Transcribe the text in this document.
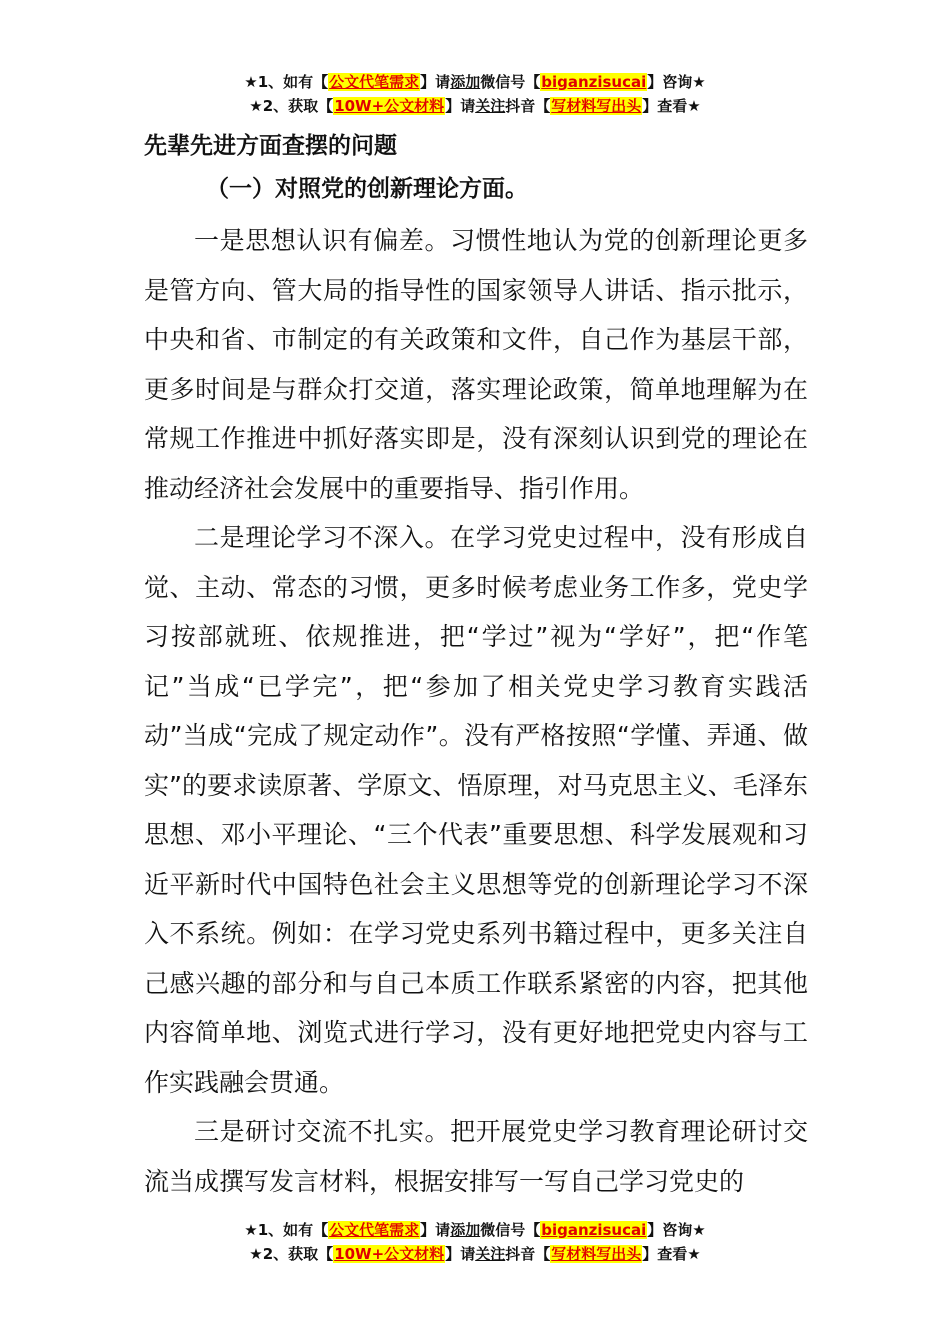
★1、如有【公文代笔需求】请添加微信号【biganzisucai】咨询★
★2、获取【10W+公文材料】请关注抖音【写材料写出头】查看★

先辈先进方面查摆的问题

（一）对照党的创新理论方面。

一是思想认识有偏差。习惯性地认为党的创新理论更多是管方向、管大局的指导性的国家领导人讲话、指示批示，中央和省、市制定的有关政策和文件，自己作为基层干部，更多时间是与群众打交道，落实理论政策，简单地理解为在常规工作推进中抓好落实即是，没有深刻认识到党的理论在推动经济社会发展中的重要指导、指引作用。

二是理论学习不深入。在学习党史过程中，没有形成自觉、主动、常态的习惯，更多时候考虑业务工作多，党史学习按部就班、依规推进，把“学过”视为“学好”，把“作笔记”当成“已学完”，把“参加了相关党史学习教育实践活动”当成“完成了规定动作”。没有严格按照“学懂、弄通、做实”的要求读原著、学原文、悟原理，对马克思主义、毛泽东思想、邓小平理论、“三个代表”重要思想、科学发展观和习近平新时代中国特色社会主义思想等党的创新理论学习不深入不系统。例如：在学习党史系列书籍过程中，更多关注自己感兴趣的部分和与自己本质工作联系紧密的内容，把其他内容简单地、浏览式进行学习，没有更好地把党史内容与工作实践融会贯通。

三是研讨交流不扎实。把开展党史学习教育理论研讨交流当成撰写发言材料，根据安排写一写自己学习党史的

★1、如有【公文代笔需求】请添加微信号【biganzisucai】咨询★
★2、获取【10W+公文材料】请关注抖音【写材料写出头】查看★
